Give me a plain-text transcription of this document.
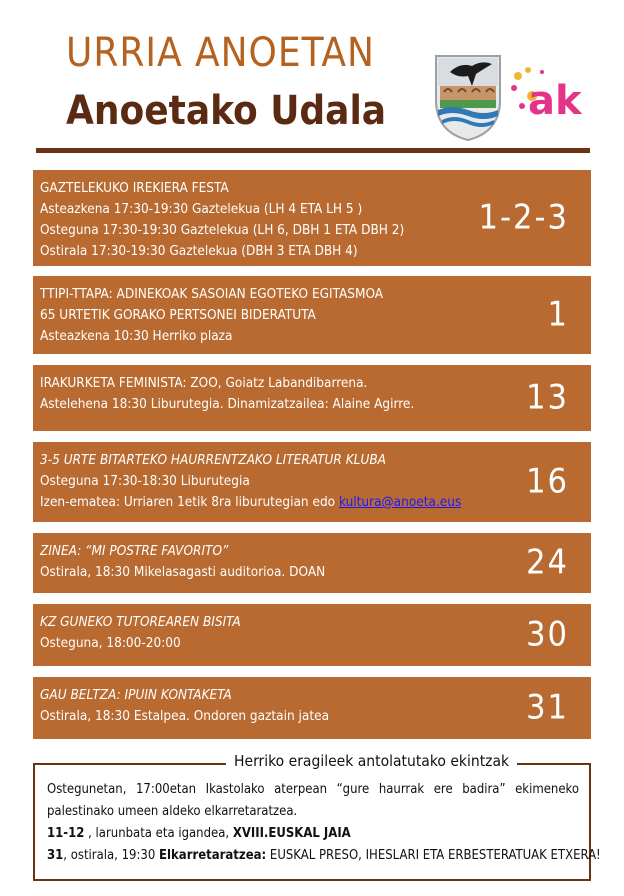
URRIA ANOETAN
Anoetako Udala	ak
GAZTELEKUKO IREKIERA FESTA
Asteazkena 17:30-19:30 Gaztelekua (LH 4 ETA LH 5 )
Osteguna 17:30-19:30 Gaztelekua (LH 6, DBH 1 ETA DBH 2)
Ostirala 17:30-19:30 Gaztelekua (DBH 3 ETA DBH 4)
1-2-3
TTIPI-TTAPA: ADINEKOAK SASOIAN EGOTEKO EGITASMOA
65 URTETIK GORAKO PERTSONEI BIDERATUTA
Asteazkena 10:30 Herriko plaza
1
IRAKURKETA FEMINISTA: ZOO, Goiatz Labandibarrena.
Astelehena 18:30 Liburutegia. Dinamizatzailea: Alaine Agirre.	13
3-5 URTE BITARTEKO HAURRENTZAKO LITERATUR KLUBA
Osteguna 17:30-18:30 Liburutegia
Izen-ematea: Urriaren 1etik 8ra liburutegian edo kultura@anoeta.eus
16
ZINEA: “MI POSTRE FAVORITO”
Ostirala, 18:30 Mikelasagasti auditorioa. DOAN	24
KZ GUNEKO TUTOREAREN BISITA
Osteguna, 18:00-20:00	30
GAU BELTZA: IPUIN KONTAKETA
Ostirala, 18:30 Estalpea. Ondoren gaztain jatea	31
Ostegunetan, 17:00etan Ikastolako aterpean “gure haurrak ere badira” ekimeneko
palestinako umeen aldeko elkarretaratzea.
11-12 , larunbata eta igandea, XVIII.EUSKAL JAIA
31, ostirala, 19:30 Elkarretaratzea: EUSKAL PRESO, IHESLARI ETA ERBESTERATUAK ETXERA!
Herriko eragileek antolatutako ekintzak
